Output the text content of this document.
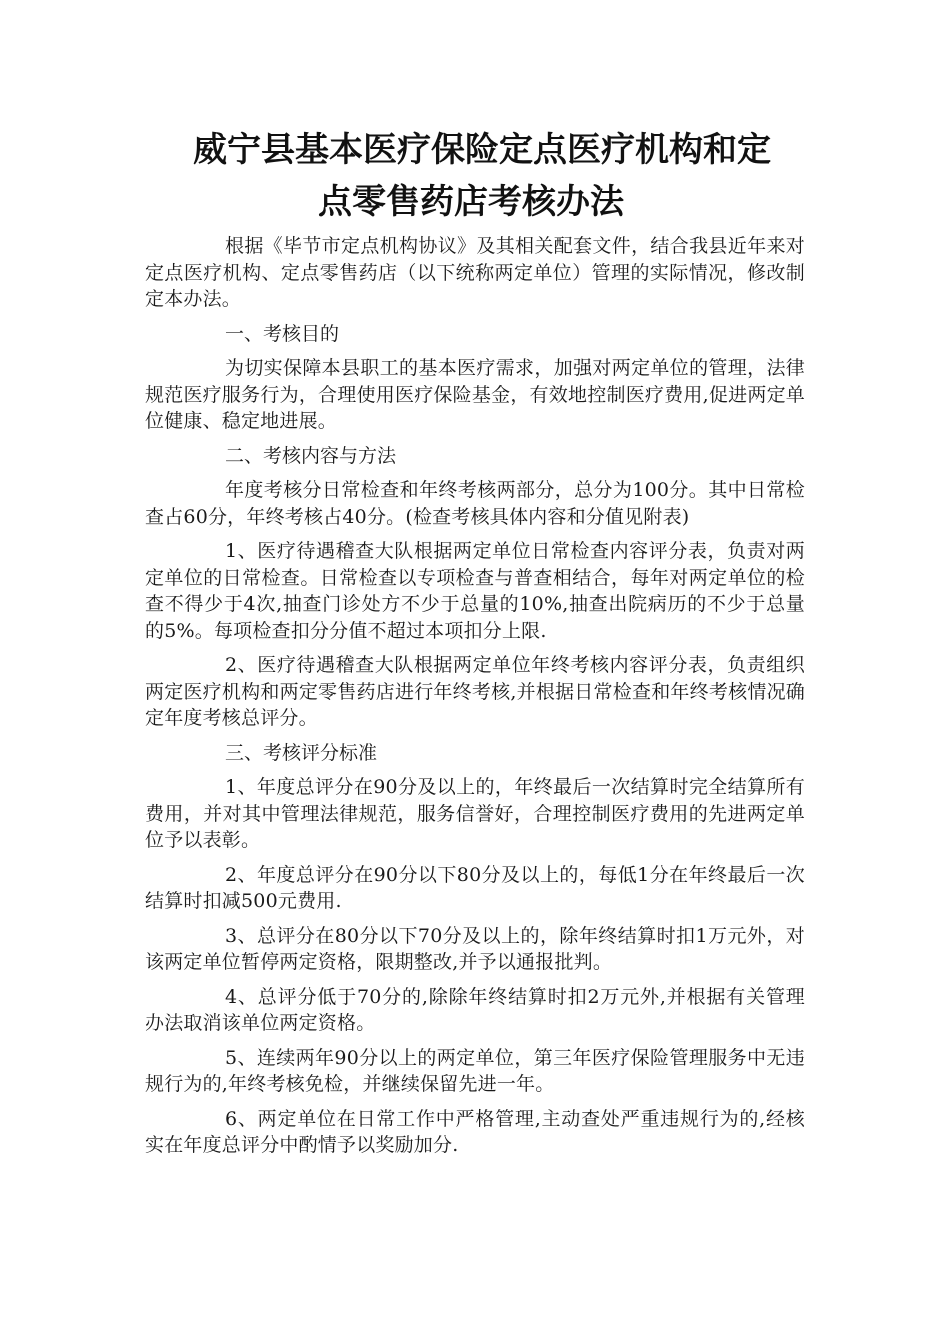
威宁县基本医疗保险定点医疗机构和定
点零售药店考核办法

根据《毕节市定点机构协议》及其相关配套文件，结合我县近年来对定点医疗机构、定点零售药店（以下统称两定单位）管理的实际情况，修改制定本办法。

一、考核目的

为切实保障本县职工的基本医疗需求，加强对两定单位的管理，法律规范医疗服务行为，合理使用医疗保险基金，有效地控制医疗费用,促进两定单位健康、稳定地进展。

二、考核内容与方法

年度考核分日常检查和年终考核两部分，总分为100分。其中日常检查占60分，年终考核占40分。(检查考核具体内容和分值见附表)

1、医疗待遇稽查大队根据两定单位日常检查内容评分表，负责对两定单位的日常检查。日常检查以专项检查与普查相结合，每年对两定单位的检查不得少于4次,抽查门诊处方不少于总量的10%,抽查出院病历的不少于总量的5%。每项检查扣分分值不超过本项扣分上限.

2、医疗待遇稽查大队根据两定单位年终考核内容评分表，负责组织两定医疗机构和两定零售药店进行年终考核,并根据日常检查和年终考核情况确定年度考核总评分。

三、考核评分标准

1、年度总评分在90分及以上的，年终最后一次结算时完全结算所有费用，并对其中管理法律规范，服务信誉好，合理控制医疗费用的先进两定单位予以表彰。

2、年度总评分在90分以下80分及以上的，每低1分在年终最后一次结算时扣减500元费用.

3、总评分在80分以下70分及以上的，除年终结算时扣1万元外，对该两定单位暂停两定资格，限期整改,并予以通报批判。

4、总评分低于70分的,除除年终结算时扣2万元外,并根据有关管理办法取消该单位两定资格。

5、连续两年90分以上的两定单位，第三年医疗保险管理服务中无违规行为的,年终考核免检，并继续保留先进一年。

6、两定单位在日常工作中严格管理,主动查处严重违规行为的,经核实在年度总评分中酌情予以奖励加分.
